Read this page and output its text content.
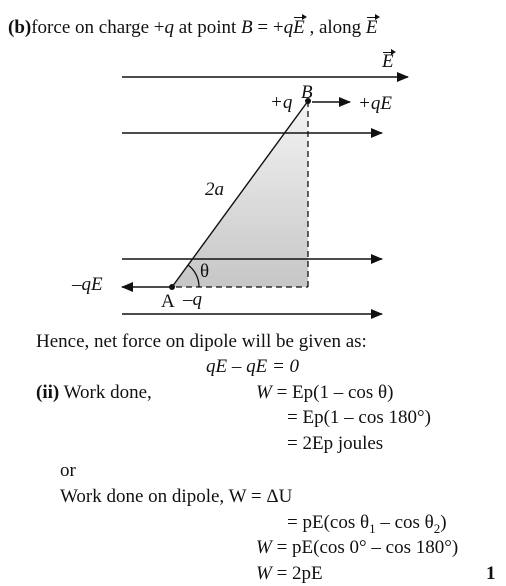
(b)force on charge +q at point B = +qE , along E
E
+q B
+qE
2a
θ
–qE
A –q
Hence, net force on dipole will be given as:
qE – qE = 0
(ii) Work done,	W = Ep(1 – cos θ)
= Ep(1 – cos 180°)
= 2Ep joules
or
Work done on dipole, W = ΔU
= pE(cos $\theta_1$ – $\cos \theta_2$)
W = pE(cos 0° – cos 180°)
W = 2pE	1
